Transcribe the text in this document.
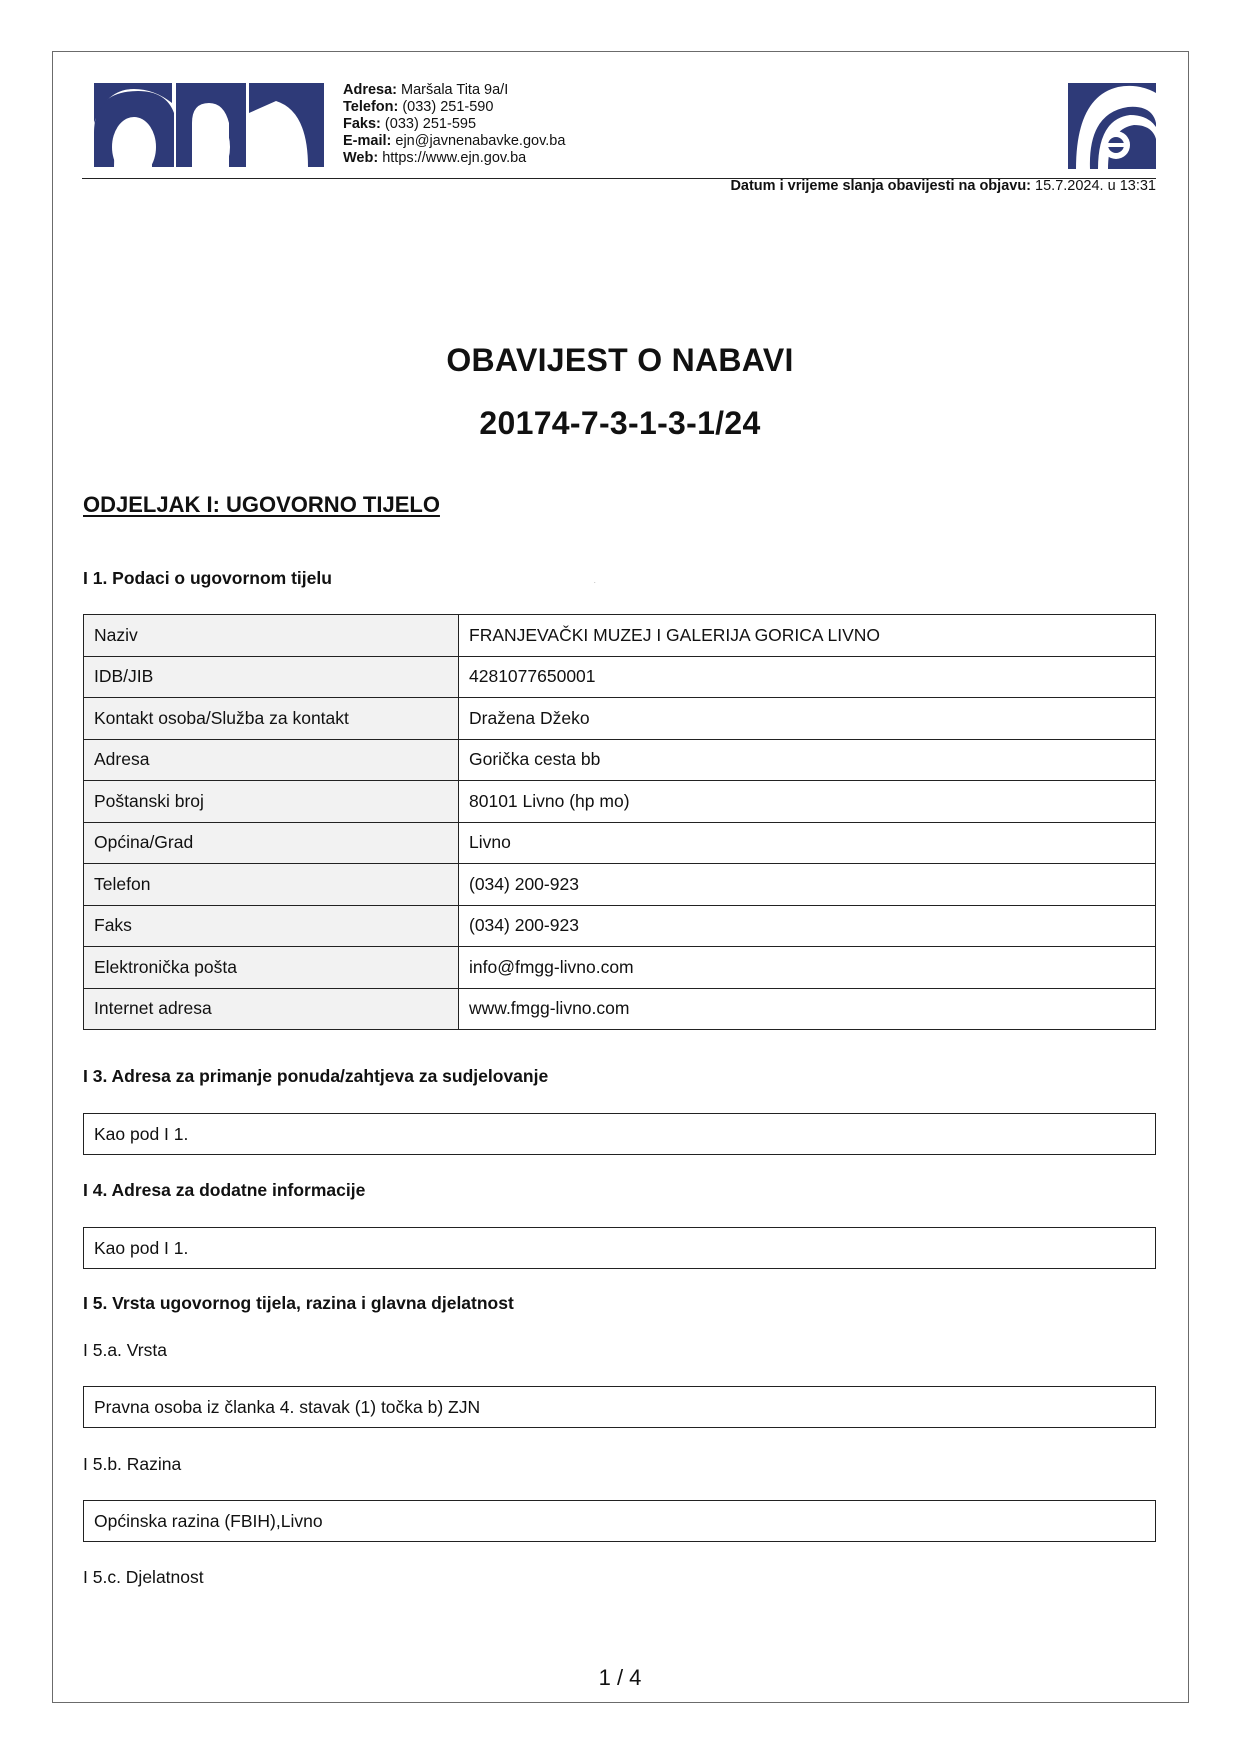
ejn
Adresa: Maršala Tita 9a/I
Telefon: (033) 251-590
Faks: (033) 251-595
E-mail: ejn@javnenabavke.gov.ba
Web: https://www.ejn.gov.ba
Datum i vrijeme slanja obavijesti na objavu: 15.7.2024. u 13:31
OBAVIJEST O NABAVI
20174-7-3-1-3-1/24
ODJELJAK I: UGOVORNO TIJELO
I 1. Podaci o ugovornom tijelu
Naziv	FRANJEVAČKI MUZEJ I GALERIJA GORICA LIVNO
IDB/JIB	4281077650001
Kontakt osoba/Služba za kontakt	Dražena Džeko
Adresa	Gorička cesta bb
Poštanski broj	80101 Livno (hp mo)
Općina/Grad	Livno
Telefon	(034) 200-923
Faks	(034) 200-923
Elektronička pošta	info@fmgg-livno.com
Internet adresa	www.fmgg-livno.com
I 3. Adresa za primanje ponuda/zahtjeva za sudjelovanje
Kao pod I 1.
I 4. Adresa za dodatne informacije
Kao pod I 1.
I 5. Vrsta ugovornog tijela, razina i glavna djelatnost
I 5.a. Vrsta
Pravna osoba iz članka 4. stavak (1) točka b) ZJN
I 5.b. Razina
Općinska razina (FBIH),Livno
I 5.c. Djelatnost
1 / 4
